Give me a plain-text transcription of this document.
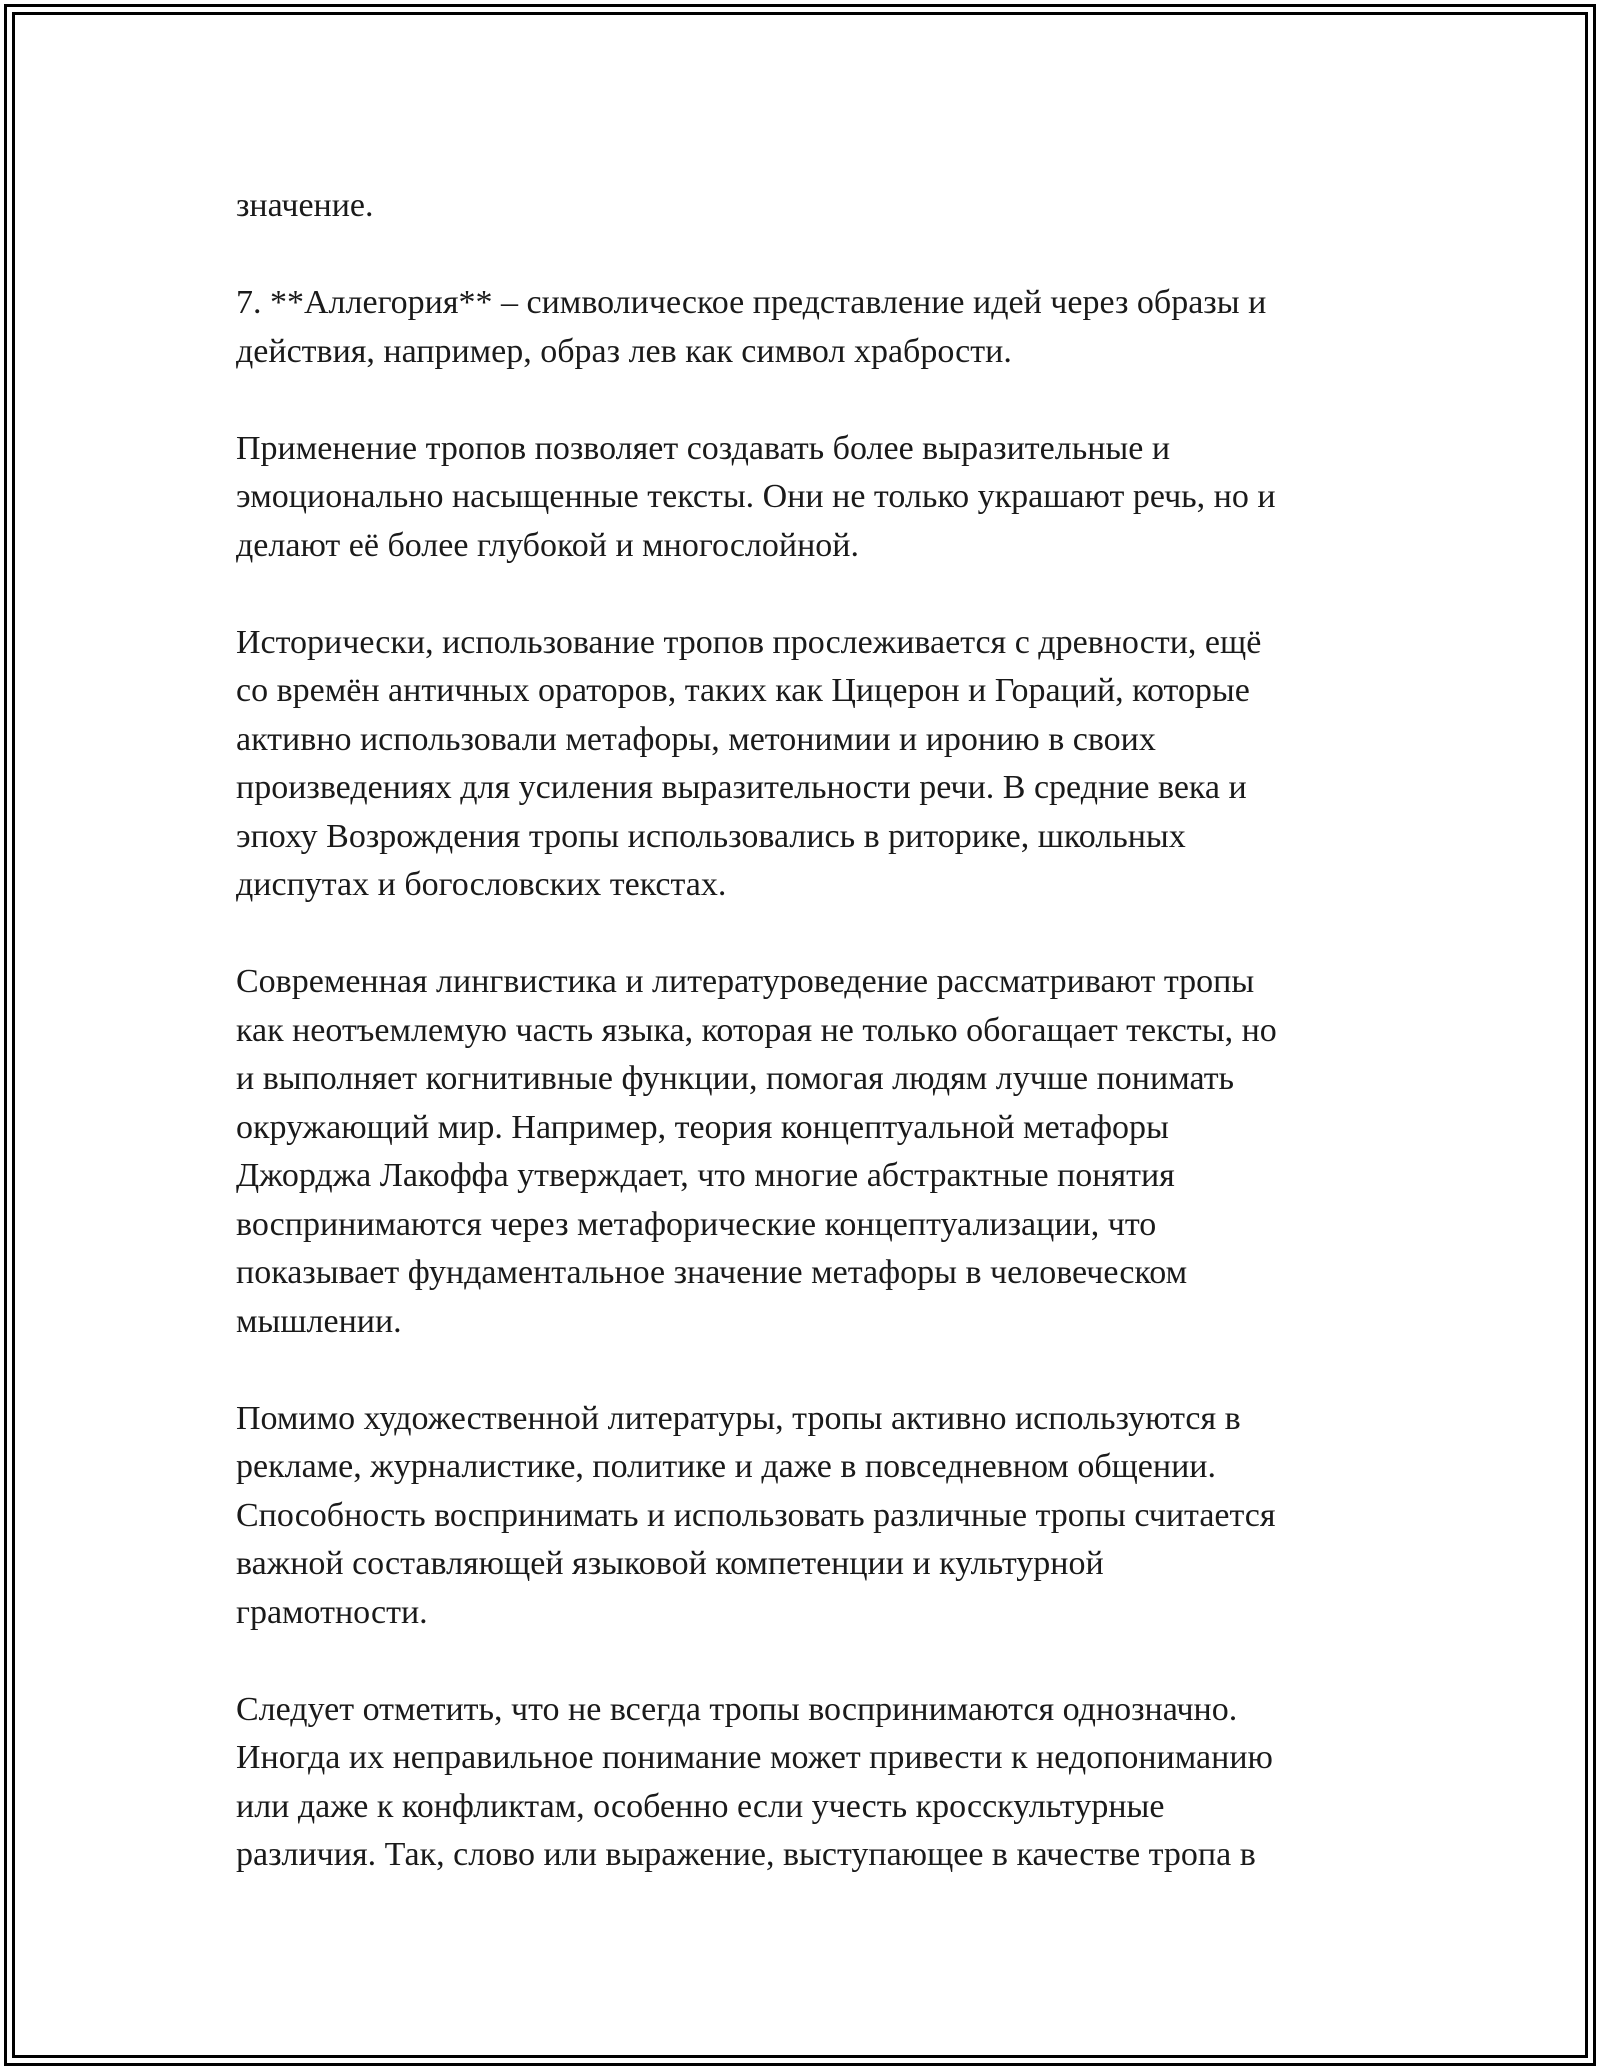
значение.

7. **Аллегория** – символическое представление идей через образы и
действия, например, образ лев как символ храбрости.

Применение тропов позволяет создавать более выразительные и
эмоционально насыщенные тексты. Они не только украшают речь, но и
делают её более глубокой и многослойной.

Исторически, использование тропов прослеживается с древности, ещё
со времён античных ораторов, таких как Цицерон и Гораций, которые
активно использовали метафоры, метонимии и иронию в своих
произведениях для усиления выразительности речи. В средние века и
эпоху Возрождения тропы использовались в риторике, школьных
диспутах и богословских текстах.

Современная лингвистика и литературоведение рассматривают тропы
как неотъемлемую часть языка, которая не только обогащает тексты, но
и выполняет когнитивные функции, помогая людям лучше понимать
окружающий мир. Например, теория концептуальной метафоры
Джорджа Лакоффа утверждает, что многие абстрактные понятия
воспринимаются через метафорические концептуализации, что
показывает фундаментальное значение метафоры в человеческом
мышлении.

Помимо художественной литературы, тропы активно используются в
рекламе, журналистике, политике и даже в повседневном общении.
Способность воспринимать и использовать различные тропы считается
важной составляющей языковой компетенции и культурной
грамотности.

Следует отметить, что не всегда тропы воспринимаются однозначно.
Иногда их неправильное понимание может привести к недопониманию
или даже к конфликтам, особенно если учесть кросскультурные
различия. Так, слово или выражение, выступающее в качестве тропа в
